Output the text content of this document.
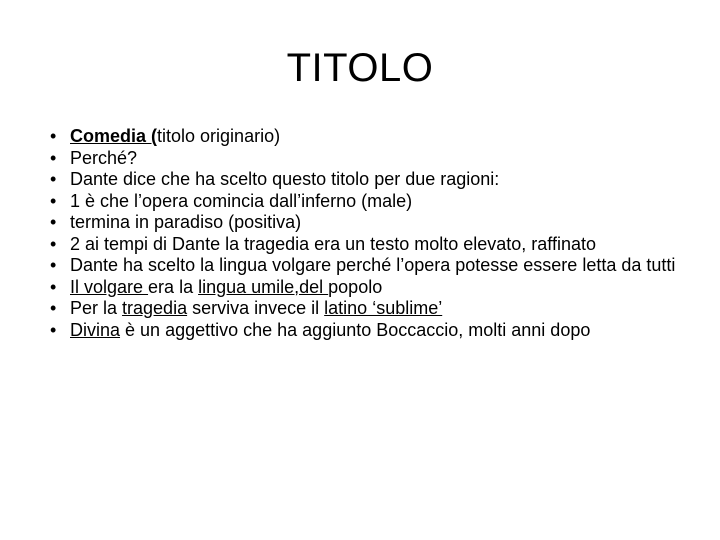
TITOLO
• Comedia (titolo originario)
• Perché?
• Dante dice che ha scelto questo titolo per due ragioni:
• 1 è che l’opera comincia dall’inferno (male)
• termina in paradiso (positiva)
• 2 ai tempi di Dante la tragedia era un testo molto elevato, raffinato
• Dante ha scelto la lingua volgare perché l’opera potesse essere letta da tutti
• Il volgare era la lingua umile,del popolo
• Per la tragedia serviva invece il latino ‘sublime’
• Divina è un aggettivo che ha aggiunto Boccaccio, molti anni dopo
